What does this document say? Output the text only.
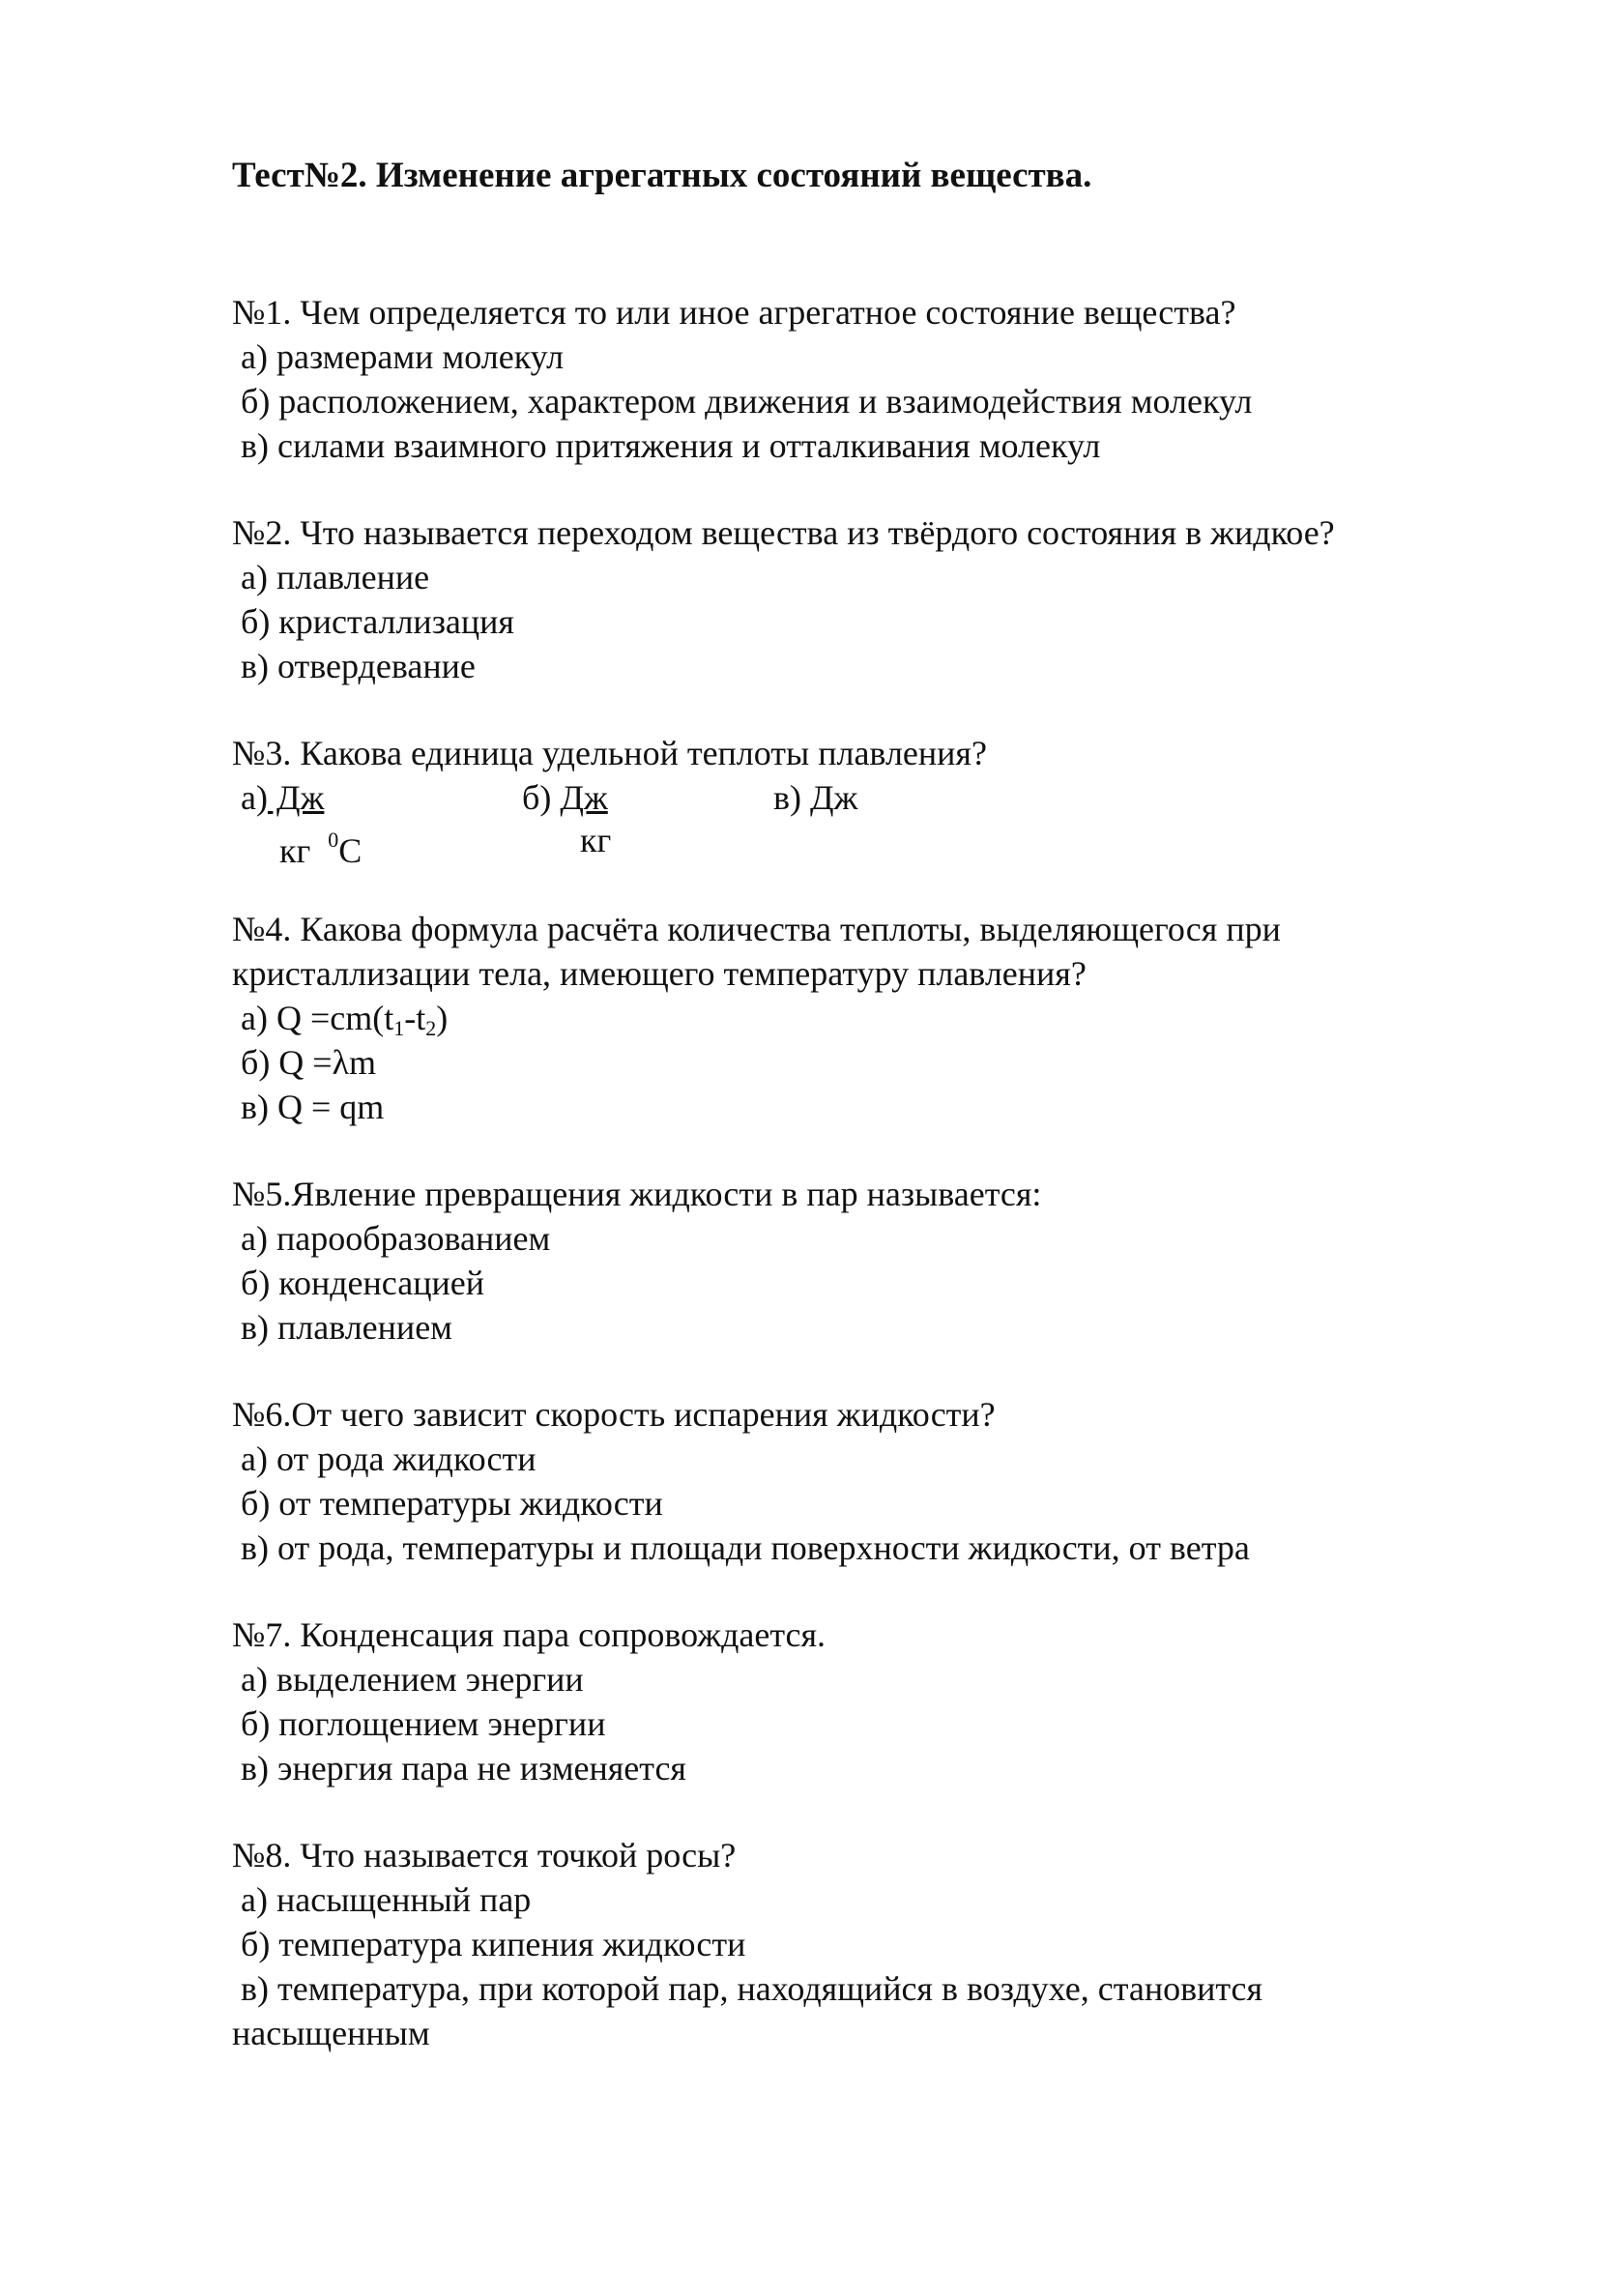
Тест№2. Изменение агрегатных состояний вещества.
№1. Чем определяется то или иное агрегатное состояние вещества?
а) размерами молекул
б) расположением, характером движения и взаимодействия молекул
в) силами взаимного притяжения и отталкивания молекул
№2. Что называется переходом вещества из твёрдого состояния в жидкое?
а) плавление
б) кристаллизация
в) отвердевание
№3. Какова единица удельной теплоты плавления?
а) Дж
кг $^0$С
б) Дж
кг
в) Дж
№4. Какова формула расчёта количества теплоты, выделяющегося при
кристаллизации тела, имеющего температуру плавления?
а) $Q =cm(t_1-t_2)$
б) Q =λm
в) Q = qm
№5.Явление превращения жидкости в пар называется:
а) парообразованием
б) конденсацией
в) плавлением
№6.От чего зависит скорость испарения жидкости?
а) от рода жидкости
б) от температуры жидкости
в) от рода, температуры и площади поверхности жидкости, от ветра
№7. Конденсация пара сопровождается.
а) выделением энергии
б) поглощением энергии
в) энергия пара не изменяется
№8. Что называется точкой росы?
а) насыщенный пар
б) температура кипения жидкости
в) температура, при которой пар, находящийся в воздухе, становится
насыщенным
